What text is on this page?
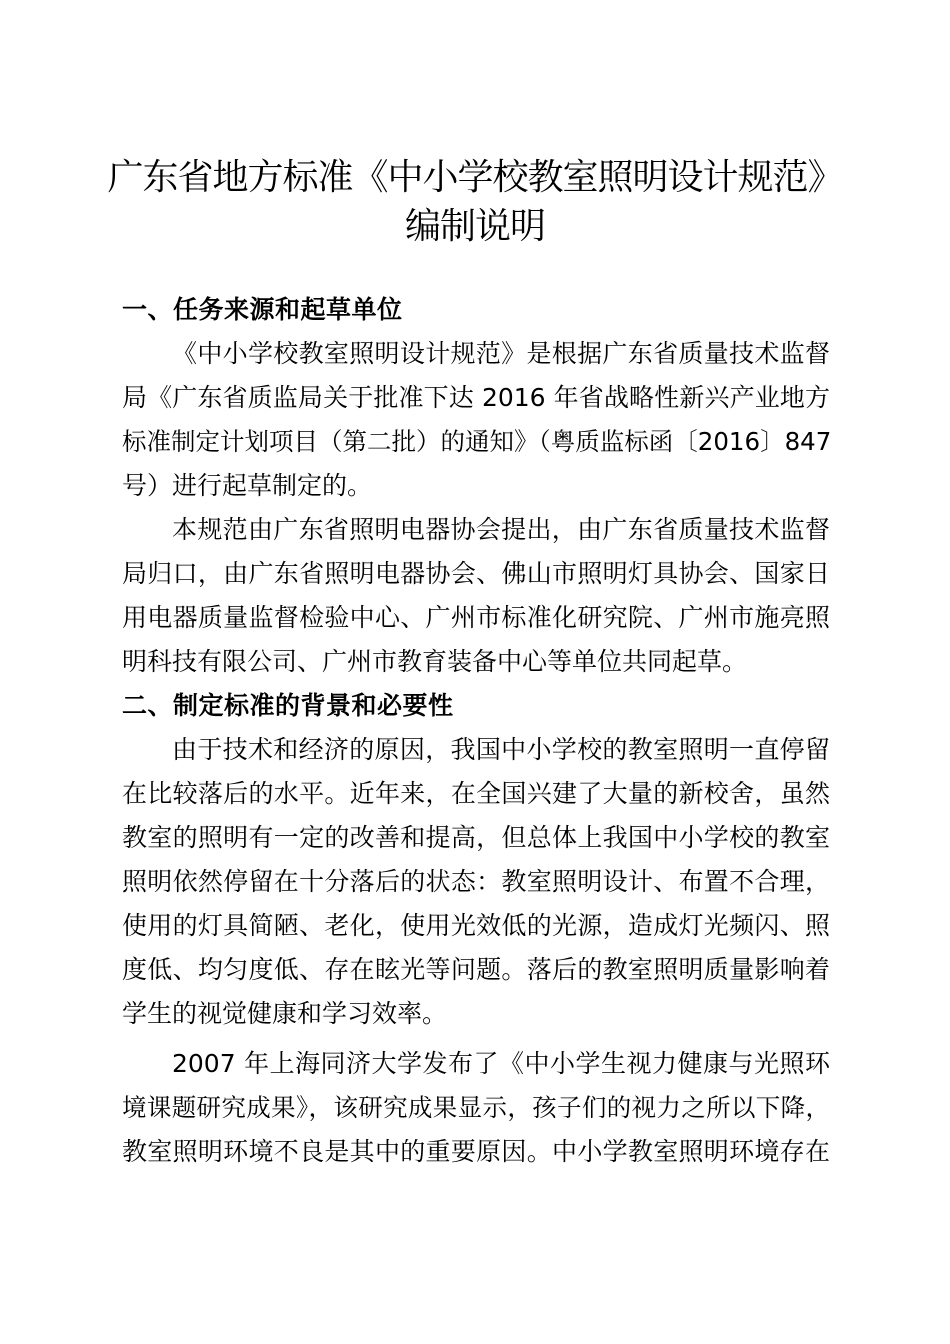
广东省地方标准《中小学校教室照明设计规范》
编制说明
一、任务来源和起草单位
《中小学校教室照明设计规范》是根据广东省质量技术监督
局《广东省质监局关于批准下达 2016 年省战略性新兴产业地方
标准制定计划项目（第二批）的通知》（粤质监标函〔2016〕847
号）进行起草制定的。
本规范由广东省照明电器协会提出，由广东省质量技术监督
局归口，由广东省照明电器协会、佛山市照明灯具协会、国家日
用电器质量监督检验中心、广州市标准化研究院、广州市施亮照
明科技有限公司、广州市教育装备中心等单位共同起草。
二、制定标准的背景和必要性
由于技术和经济的原因，我国中小学校的教室照明一直停留
在比较落后的水平。近年来，在全国兴建了大量的新校舍，虽然
教室的照明有一定的改善和提高，但总体上我国中小学校的教室
照明依然停留在十分落后的状态：教室照明设计、布置不合理，
使用的灯具简陋、老化，使用光效低的光源，造成灯光频闪、照
度低、均匀度低、存在眩光等问题。落后的教室照明质量影响着
学生的视觉健康和学习效率。
2007 年上海同济大学发布了《中小学生视力健康与光照环
境课题研究成果》，该研究成果显示，孩子们的视力之所以下降，
教室照明环境不良是其中的重要原因。中小学教室照明环境存在
